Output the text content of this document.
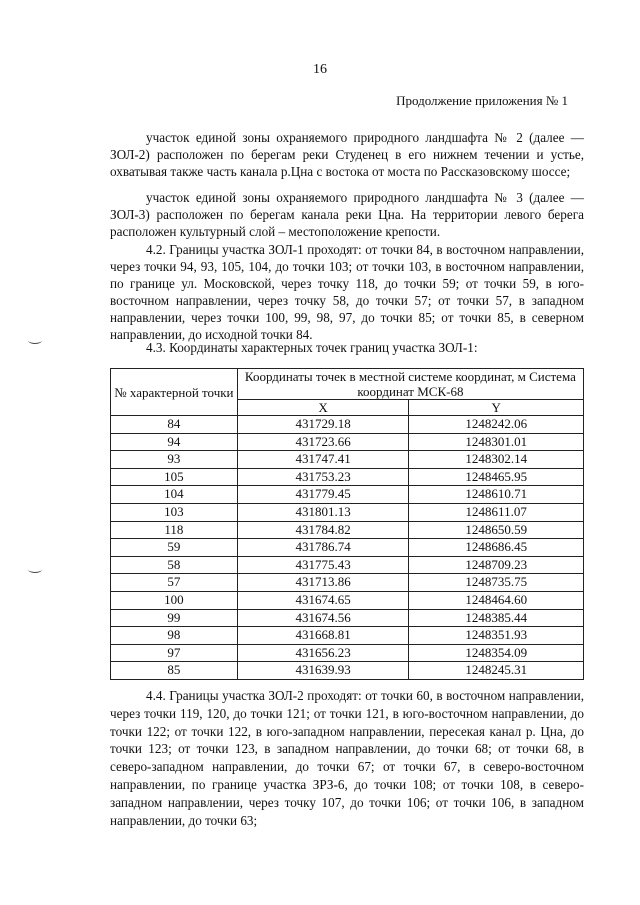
16
Продолжение приложения № 1

участок единой зоны охраняемого природного ландшафта № 2 (далее — ЗОЛ-2) расположен по берегам реки Студенец в его нижнем течении и устье, охватывая также часть канала р.Цна с востока от моста по Рассказовскому шоссе;

участок единой зоны охраняемого природного ландшафта № 3 (далее — ЗОЛ-3) расположен по берегам канала реки Цна. На территории левого берега расположен культурный слой – местоположение крепости.

4.2. Границы участка ЗОЛ-1 проходят: от точки 84, в восточном направлении, через точки 94, 93, 105, 104, до точки 103; от точки 103, в восточном направлении, по границе ул. Московской, через точку 118, до точки 59; от точки 59, в юго-восточном направлении, через точку 58, до точки 57; от точки 57, в западном направлении, через точки 100, 99, 98, 97, до точки 85; от точки 85, в северном направлении, до исходной точки 84.

4.3. Координаты характерных точек границ участка ЗОЛ-1:

№ характерной точки	Координаты точек в местной системе координат, м Система координат МСК-68	
	X	Y
84	431729.18	1248242.06
94	431723.66	1248301.01
93	431747.41	1248302.14
105	431753.23	1248465.95
104	431779.45	1248610.71
103	431801.13	1248611.07
118	431784.82	1248650.59
59	431786.74	1248686.45
58	431775.43	1248709.23
57	431713.86	1248735.75
100	431674.65	1248464.60
99	431674.56	1248385.44
98	431668.81	1248351.93
97	431656.23	1248354.09
85	431639.93	1248245.31

4.4. Границы участка ЗОЛ-2 проходят: от точки 60, в восточном направлении, через точки 119, 120, до точки 121; от точки 121, в юго-восточном направлении, до точки 122; от точки 122, в юго-западном направлении, пересекая канал р. Цна, до точки 123; от точки 123, в западном направлении, до точки 68; от точки 68, в северо-западном направлении, до точки 67; от точки 67, в северо-восточном направлении, по границе участка ЗРЗ-6, до точки 108; от точки 108, в северо-западном направлении, через точку 107, до точки 106; от точки 106, в западном направлении, до точки 63;
